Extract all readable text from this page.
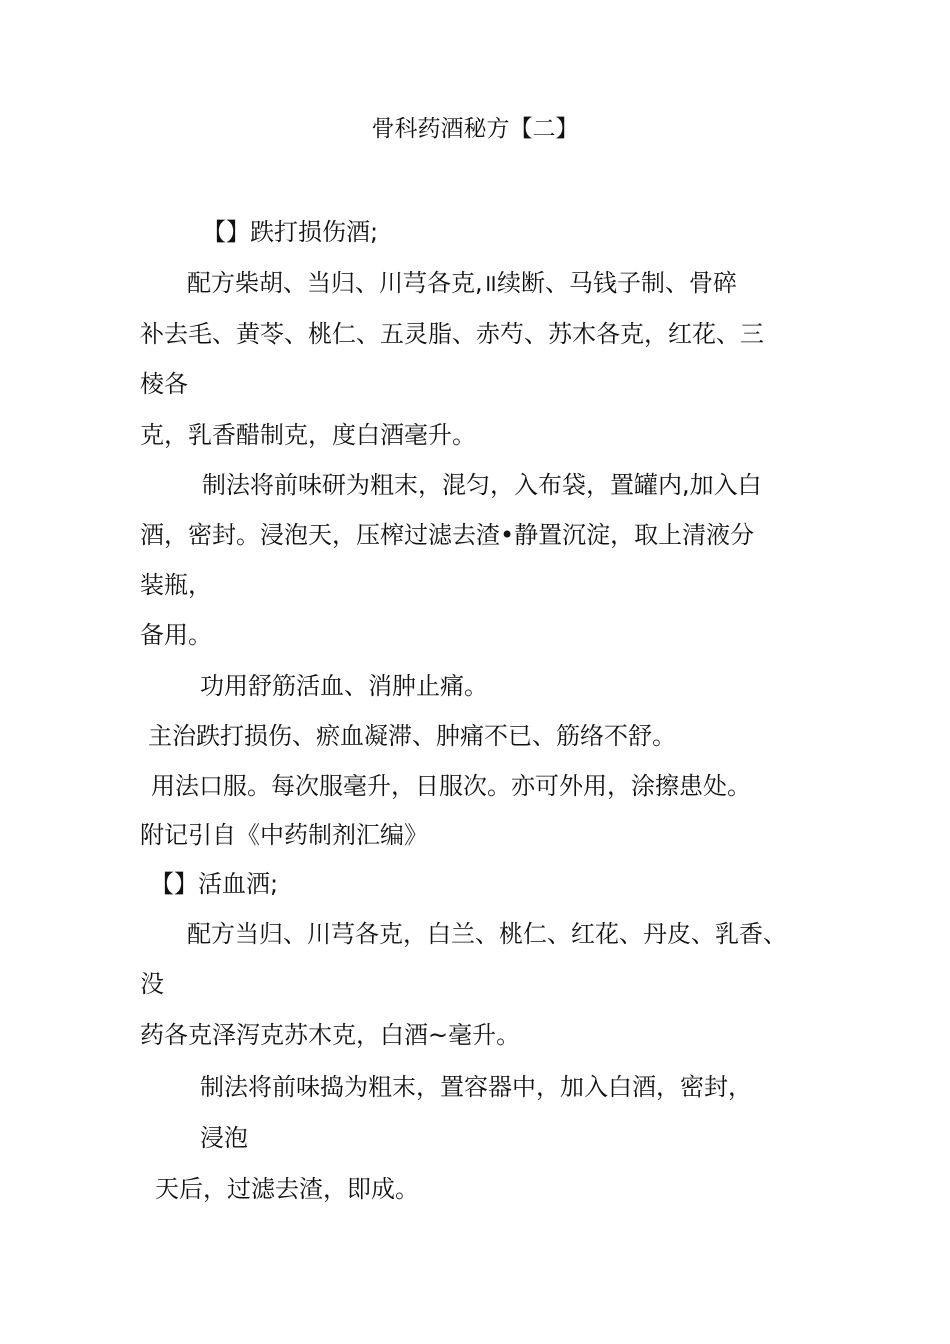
骨科药酒秘方【二】
【】跌打损伤酒;
配方柴胡、当归、川芎各克,॥续断、马钱子制、骨碎
补去毛、黄苓、桃仁、五灵脂、赤芍、苏木各克，红花、三
棱各
克，乳香醋制克，度白酒毫升。
制法将前味研为粗末，混匀，入布袋，置罐内,加入白
酒，密封。浸泡天，压榨过滤去渣•静置沉淀，取上清液分
装瓶，
备用。
功用舒筋活血、消肿止痛。
主治跌打损伤、瘀血凝滞、肿痛不已、筋络不舒。
用法口服。每次服毫升，日服次。亦可外用，涂擦患处。
附记引自《中药制剂汇编》
【】活血洒;
配方当归、川芎各克，白兰、桃仁、红花、丹皮、乳香、
没
药各克泽泻克苏木克，白酒~毫升。
制法将前味捣为粗末，置容器中，加入白酒，密封，
浸泡
天后，过滤去渣，即成。
